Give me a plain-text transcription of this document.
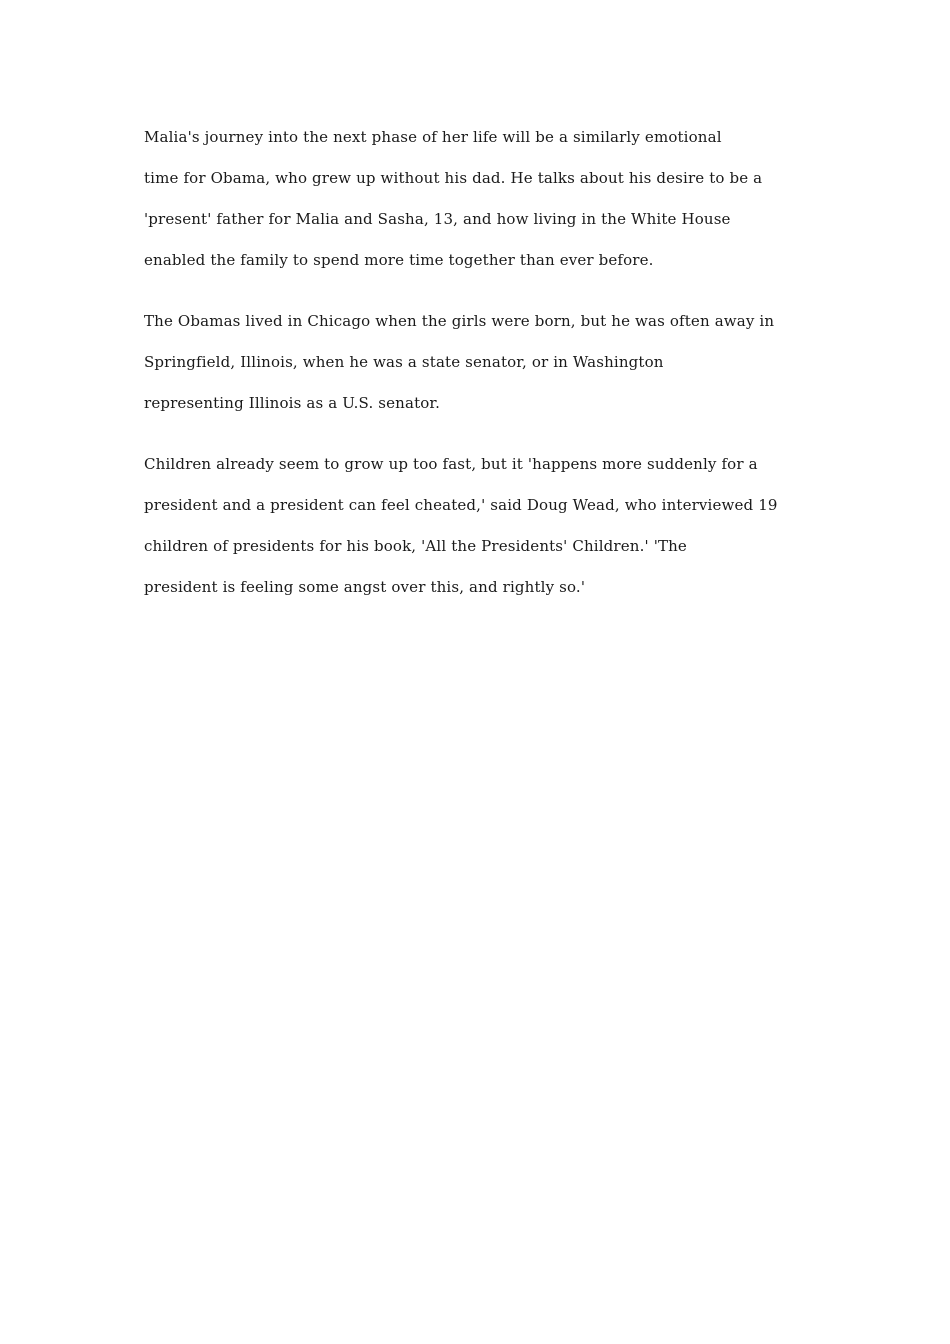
Malia's journey into the next phase of her life will be a similarly emotional
time for Obama, who grew up without his dad. He talks about his desire to be a
'present' father for Malia and Sasha, 13, and how living in the White House
enabled the family to spend more time together than ever before.

The Obamas lived in Chicago when the girls were born, but he was often away in
Springfield, Illinois, when he was a state senator, or in Washington
representing Illinois as a U.S. senator.

Children already seem to grow up too fast, but it 'happens more suddenly for a
president and a president can feel cheated,' said Doug Wead, who interviewed 19
children of presidents for his book, 'All the Presidents' Children.' 'The
president is feeling some angst over this, and rightly so.'
